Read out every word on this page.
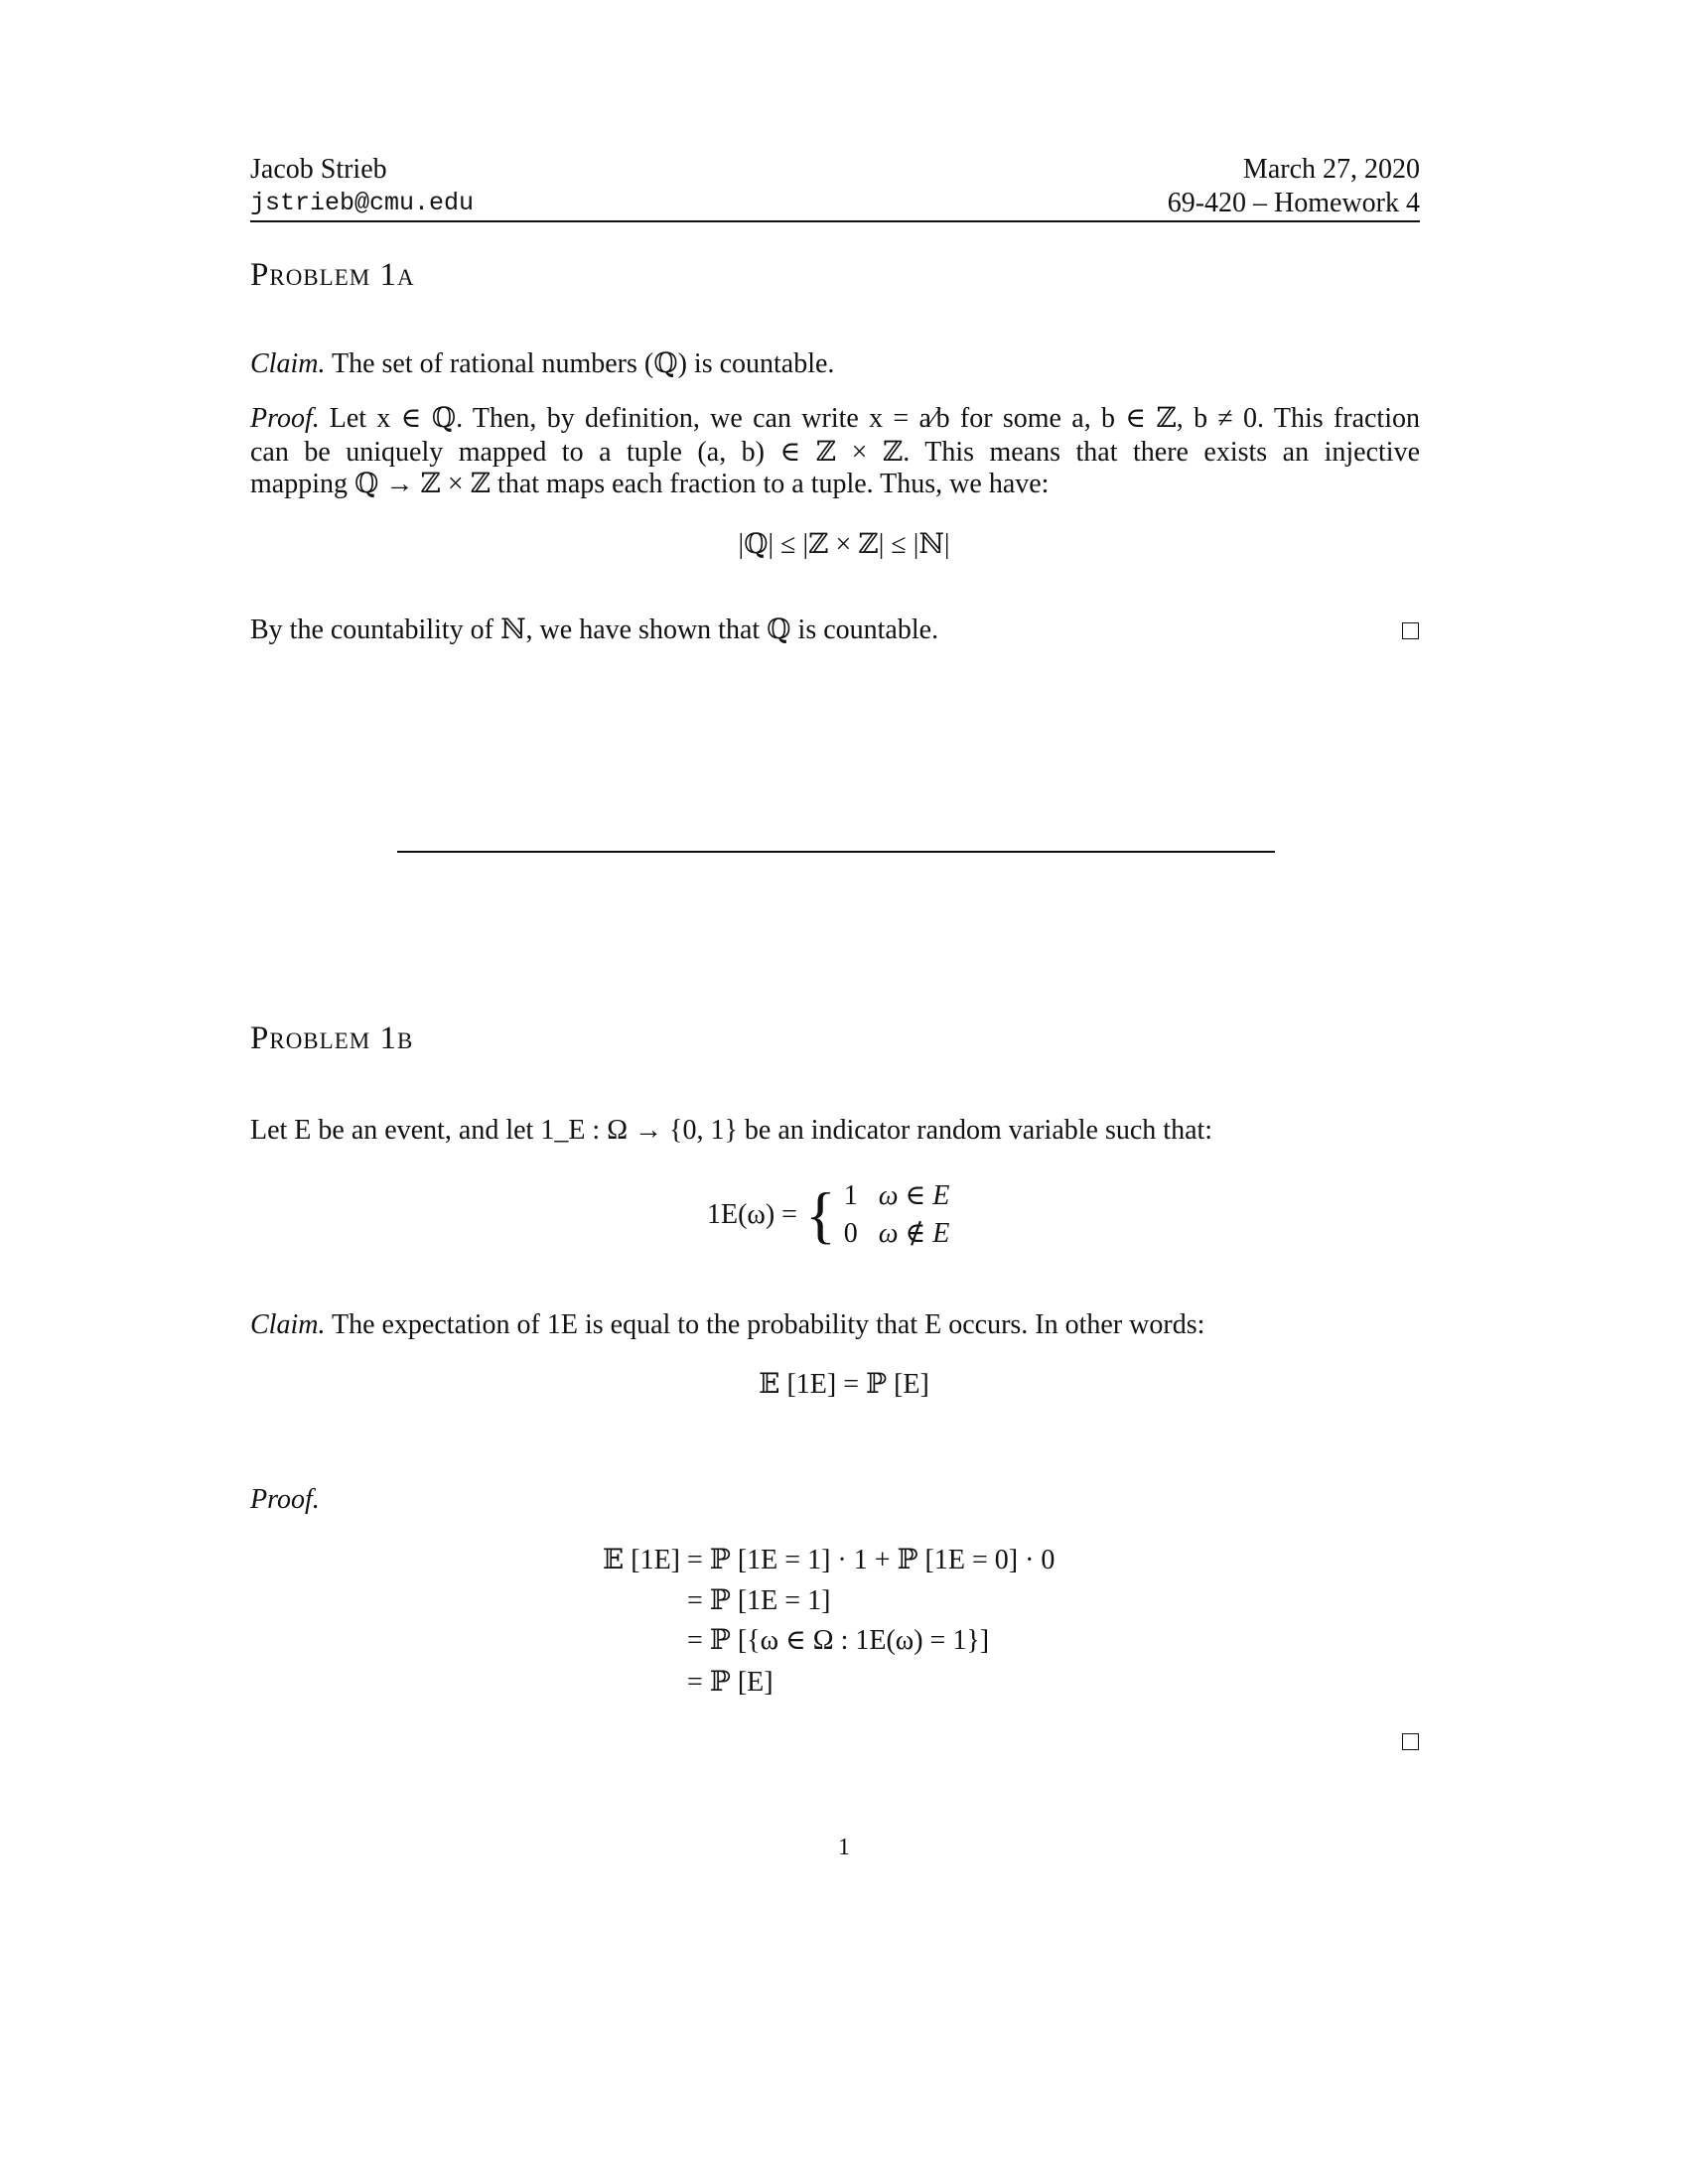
Jacob Strieb
jstrieb@cmu.edu
March 27, 2020
69-420 – Homework 4
Problem 1a
Claim. The set of rational numbers (ℚ) is countable.
Proof. Let x ∈ ℚ. Then, by definition, we can write x = a⁄b for some a, b ∈ ℤ, b ≠ 0. This fraction
can be uniquely mapped to a tuple (a, b) ∈ ℤ × ℤ. This means that there exists an injective
mapping ℚ → ℤ × ℤ that maps each fraction to a tuple. Thus, we have:
|ℚ| ≤ |ℤ × ℤ| ≤ |ℕ|
By the countability of ℕ, we have shown that ℚ is countable.
Problem 1b
Let E be an event, and let 1_E : Ω → {0, 1} be an indicator random variable such that:
1E(ω) = { 1 ω ∈ E
0 ω ∉ E
Claim. The expectation of 1E is equal to the probability that E occurs. In other words:
𝔼 [1E] = ℙ [E]
Proof.
𝔼 [1E] = ℙ [1E = 1] · 1 + ℙ [1E = 0] · 0
= ℙ [1E = 1]
= ℙ [{ω ∈ Ω : 1E(ω) = 1}]
= ℙ [E]
1
